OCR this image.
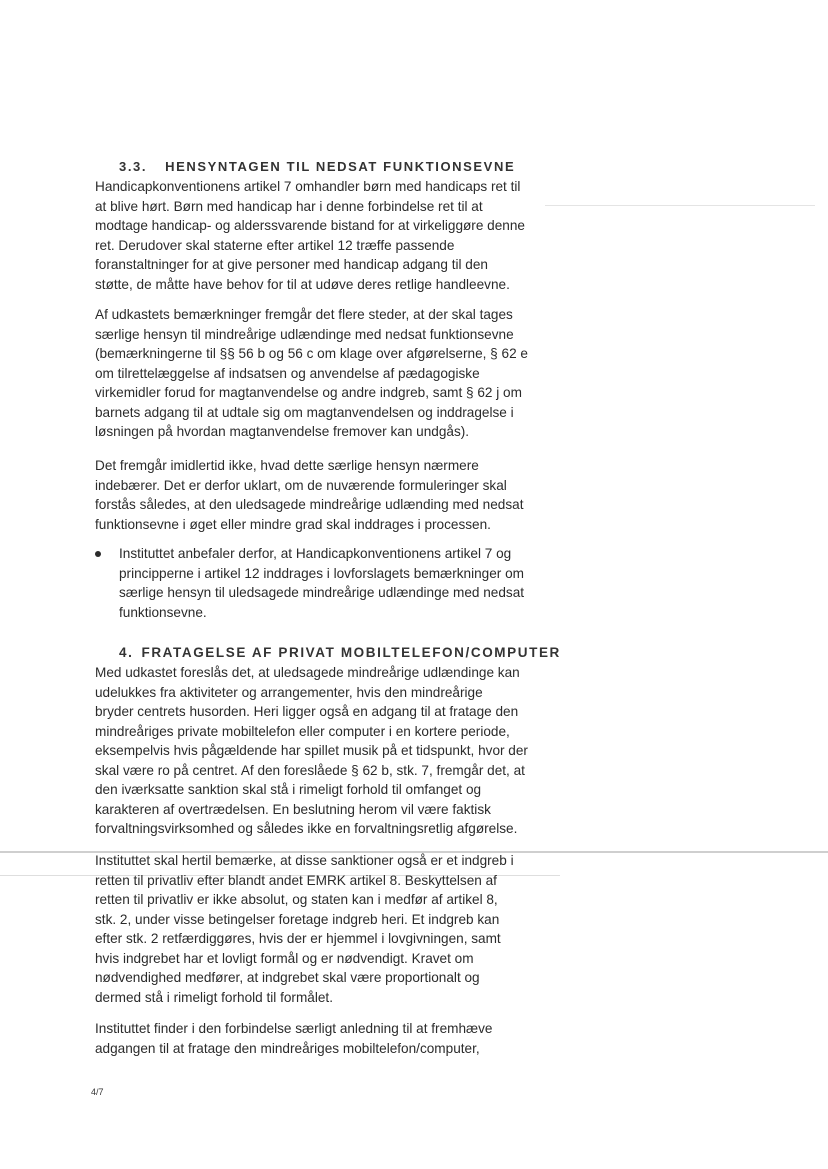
3.3. HENSYNTAGEN TIL NEDSAT FUNKTIONSEVNE
Handicapkonventionens artikel 7 omhandler børn med handicaps ret til
at blive hørt. Børn med handicap har i denne forbindelse ret til at
modtage handicap- og alderssvarende bistand for at virkeliggøre denne
ret. Derudover skal staterne efter artikel 12 træffe passende
foranstaltninger for at give personer med handicap adgang til den
støtte, de måtte have behov for til at udøve deres retlige handleevne.
Af udkastets bemærkninger fremgår det flere steder, at der skal tages
særlige hensyn til mindreårige udlændinge med nedsat funktionsevne
(bemærkningerne til §§ 56 b og 56 c om klage over afgørelserne, § 62 e
om tilrettelæggelse af indsatsen og anvendelse af pædagogiske
virkemidler forud for magtanvendelse og andre indgreb, samt § 62 j om
barnets adgang til at udtale sig om magtanvendelsen og inddragelse i
løsningen på hvordan magtanvendelse fremover kan undgås).
Det fremgår imidlertid ikke, hvad dette særlige hensyn nærmere
indebærer. Det er derfor uklart, om de nuværende formuleringer skal
forstås således, at den uledsagede mindreårige udlænding med nedsat
funktionsevne i øget eller mindre grad skal inddrages i processen.
Instituttet anbefaler derfor, at Handicapkonventionens artikel 7 og
principperne i artikel 12 inddrages i lovforslagets bemærkninger om
særlige hensyn til uledsagede mindreårige udlændinge med nedsat
funktionsevne.
4. FRATAGELSE AF PRIVAT MOBILTELEFON/COMPUTER
Med udkastet foreslås det, at uledsagede mindreårige udlændinge kan
udelukkes fra aktiviteter og arrangementer, hvis den mindreårige
bryder centrets husorden. Heri ligger også en adgang til at fratage den
mindreåriges private mobiltelefon eller computer i en kortere periode,
eksempelvis hvis pågældende har spillet musik på et tidspunkt, hvor der
skal være ro på centret. Af den foreslåede § 62 b, stk. 7, fremgår det, at
den iværksatte sanktion skal stå i rimeligt forhold til omfanget og
karakteren af overtrædelsen. En beslutning herom vil være faktisk
forvaltningsvirksomhed og således ikke en forvaltningsretlig afgørelse.
Instituttet skal hertil bemærke, at disse sanktioner også er et indgreb i
retten til privatliv efter blandt andet EMRK artikel 8. Beskyttelsen af
retten til privatliv er ikke absolut, og staten kan i medfør af artikel 8,
stk. 2, under visse betingelser foretage indgreb heri. Et indgreb kan
efter stk. 2 retfærdiggøres, hvis der er hjemmel i lovgivningen, samt
hvis indgrebet har et lovligt formål og er nødvendigt. Kravet om
nødvendighed medfører, at indgrebet skal være proportionalt og
dermed stå i rimeligt forhold til formålet.
Instituttet finder i den forbindelse særligt anledning til at fremhæve
adgangen til at fratage den mindreåriges mobiltelefon/computer,
4/7
